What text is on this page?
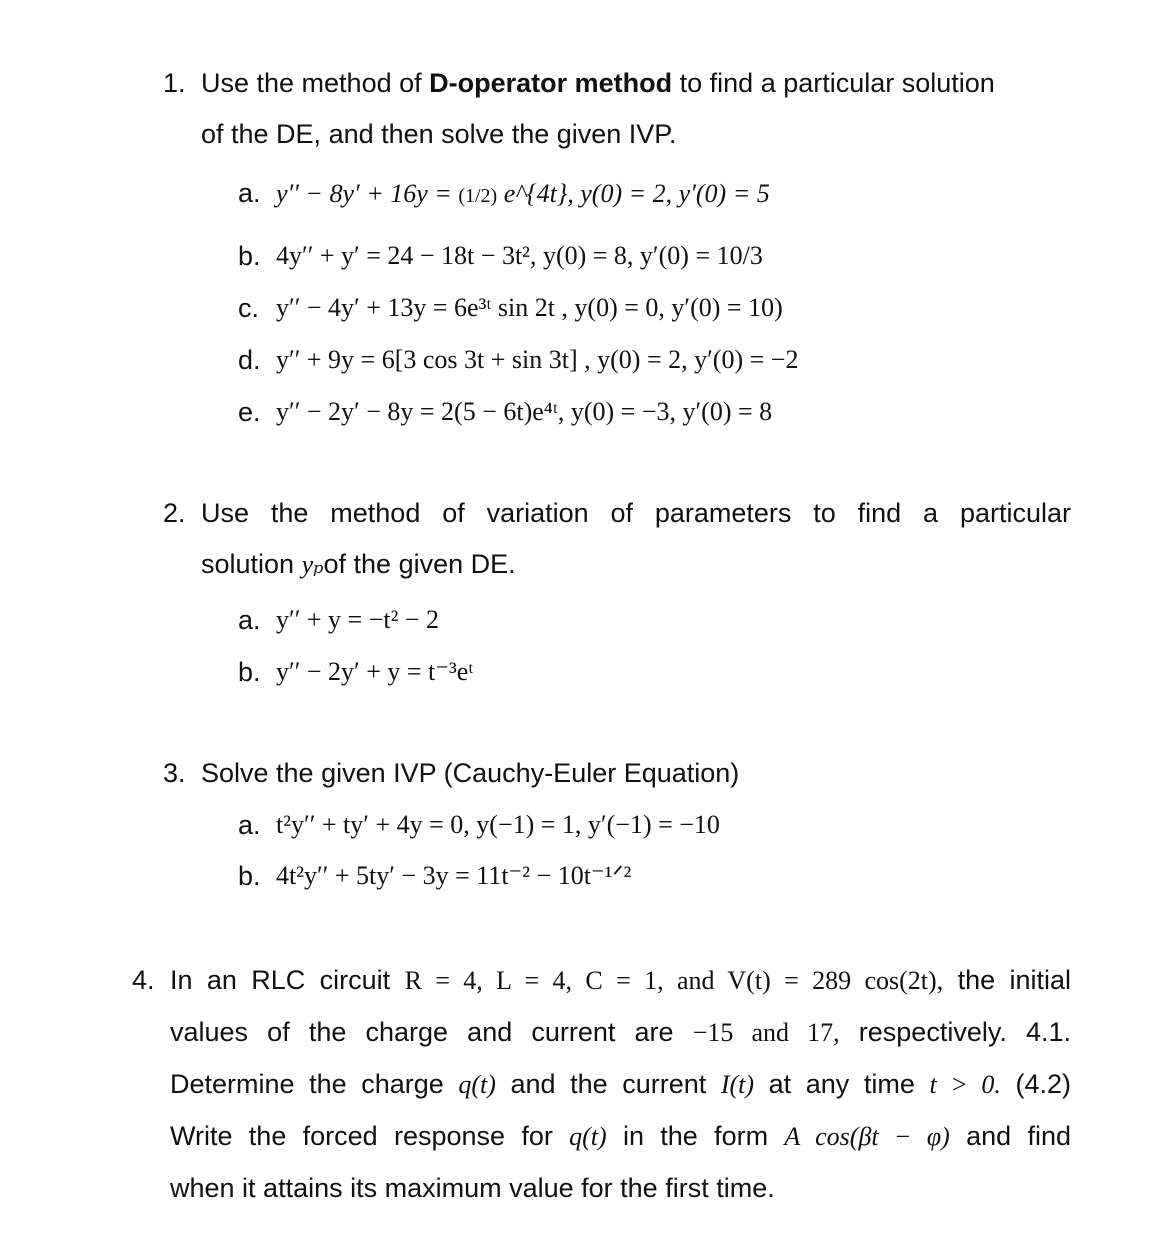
1. Use the method of D-operator method to find a particular solution
of the DE, and then solve the given IVP.
a. y′′ − 8y′ + 16y = (1/2) e^{4t}, y(0) = 2, y′(0) = 5
b. 4y′′ + y′ = 24 − 18t − 3t², y(0) = 8, y′(0) = 10/3
c. y′′ − 4y′ + 13y = 6e³ᵗ sin 2t , y(0) = 0, y′(0) = 10)
d. y′′ + 9y = 6[3 cos 3t + sin 3t] , y(0) = 2, y′(0) = −2
e. y′′ − 2y′ − 8y = 2(5 − 6t)e⁴ᵗ, y(0) = −3, y′(0) = 8
2. Use the method of variation of parameters to find a particular
solution yₚof the given DE.
a. y′′ + y = −t² − 2
b. y′′ − 2y′ + y = t⁻³eᵗ
3. Solve the given IVP (Cauchy-Euler Equation)
a. t²y′′ + ty′ + 4y = 0, y(−1) = 1, y′(−1) = −10
b. 4t²y′′ + 5ty′ − 3y = 11t⁻² − 10t⁻¹ᐟ²
4. In an RLC circuit R = 4, L = 4, C = 1, and V(t) = 289 cos(2t), the initial
values of the charge and current are −15 and 17, respectively. 4.1.
Determine the charge q(t) and the current I(t) at any time t > 0. (4.2)
Write the forced response for q(t) in the form A cos(βt − φ) and find
when it attains its maximum value for the first time.
